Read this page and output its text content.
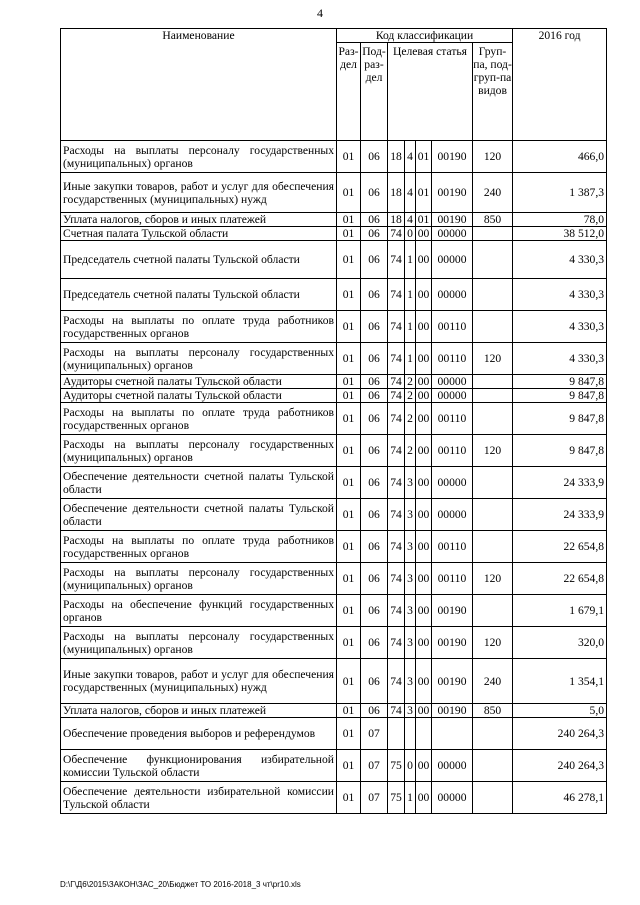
4
Наименование	Код классификации							2016 год
	Раз-дел	Под-раз-дел	Целевая статья				Груп-па, под-груп-па видов	
Расходы на выплаты персоналу государственных (муниципальных) органов	01	06	18	4	01	00190	120	466,0
Иные закупки товаров, работ и услуг для обеспечения государственных (муниципальных) нужд	01	06	18	4	01	00190	240	1 387,3
Уплата налогов, сборов и иных платежей	01	06	18	4	01	00190	850	78,0
Счетная палата Тульской области	01	06	74	0	00	00000		38 512,0
Председатель счетной палаты Тульской области	01	06	74	1	00	00000		4 330,3
Председатель счетной палаты Тульской области	01	06	74	1	00	00000		4 330,3
Расходы на выплаты по оплате труда работников государственных органов	01	06	74	1	00	00110		4 330,3
Расходы на выплаты персоналу государственных (муниципальных) органов	01	06	74	1	00	00110	120	4 330,3
Аудиторы счетной палаты Тульской области	01	06	74	2	00	00000		9 847,8
Аудиторы счетной палаты Тульской области	01	06	74	2	00	00000		9 847,8
Расходы на выплаты по оплате труда работников государственных органов	01	06	74	2	00	00110		9 847,8
Расходы на выплаты персоналу государственных (муниципальных) органов	01	06	74	2	00	00110	120	9 847,8
Обеспечение деятельности счетной палаты Тульской области	01	06	74	3	00	00000		24 333,9
Обеспечение деятельности счетной палаты Тульской области	01	06	74	3	00	00000		24 333,9
Расходы на выплаты по оплате труда работников государственных органов	01	06	74	3	00	00110		22 654,8
Расходы на выплаты персоналу государственных (муниципальных) органов	01	06	74	3	00	00110	120	22 654,8
Расходы на обеспечение функций государственных органов	01	06	74	3	00	00190		1 679,1
Расходы на выплаты персоналу государственных (муниципальных) органов	01	06	74	3	00	00190	120	320,0
Иные закупки товаров, работ и услуг для обеспечения государственных (муниципальных) нужд	01	06	74	3	00	00190	240	1 354,1
Уплата налогов, сборов и иных платежей	01	06	74	3	00	00190	850	5,0
Обеспечение проведения выборов и референдумов	01	07						240 264,3
Обеспечение функционирования избирательной комиссии Тульской области	01	07	75	0	00	00000		240 264,3
Обеспечение деятельности избирательной комиссии Тульской области	01	07	75	1	00	00000		46 278,1
D:\Г\Д6\2015\ЗАКОН\ЗАС_20\Бюджет ТО 2016-2018_3 чт\pr10.xls
